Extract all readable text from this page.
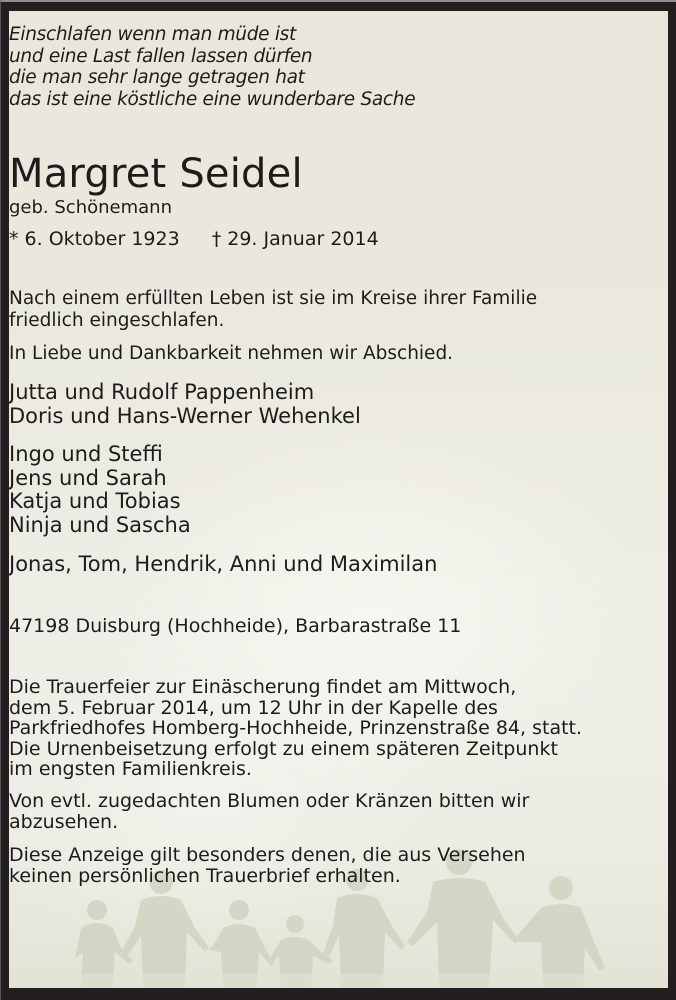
Einschlafen wenn man müde ist
und eine Last fallen lassen dürfen
die man sehr lange getragen hat
das ist eine köstliche eine wunderbare Sache
Margret Seidel
geb. Schönemann
* 6. Oktober 1923 † 29. Januar 2014
Nach einem erfüllten Leben ist sie im Kreise ihrer Familie
friedlich eingeschlafen.
In Liebe und Dankbarkeit nehmen wir Abschied.
Jutta und Rudolf Pappenheim
Doris und Hans-Werner Wehenkel
Ingo und Steffi
Jens und Sarah
Katja und Tobias
Ninja und Sascha
Jonas, Tom, Hendrik, Anni und Maximilan
47198 Duisburg (Hochheide), Barbarastraße 11
Die Trauerfeier zur Einäscherung findet am Mittwoch,
dem 5. Februar 2014, um 12 Uhr in der Kapelle des
Parkfriedhofes Homberg-Hochheide, Prinzenstraße 84, statt.
Die Urnenbeisetzung erfolgt zu einem späteren Zeitpunkt
im engsten Familienkreis.
Von evtl. zugedachten Blumen oder Kränzen bitten wir
abzusehen.
Diese Anzeige gilt besonders denen, die aus Versehen
keinen persönlichen Trauerbrief erhalten.
